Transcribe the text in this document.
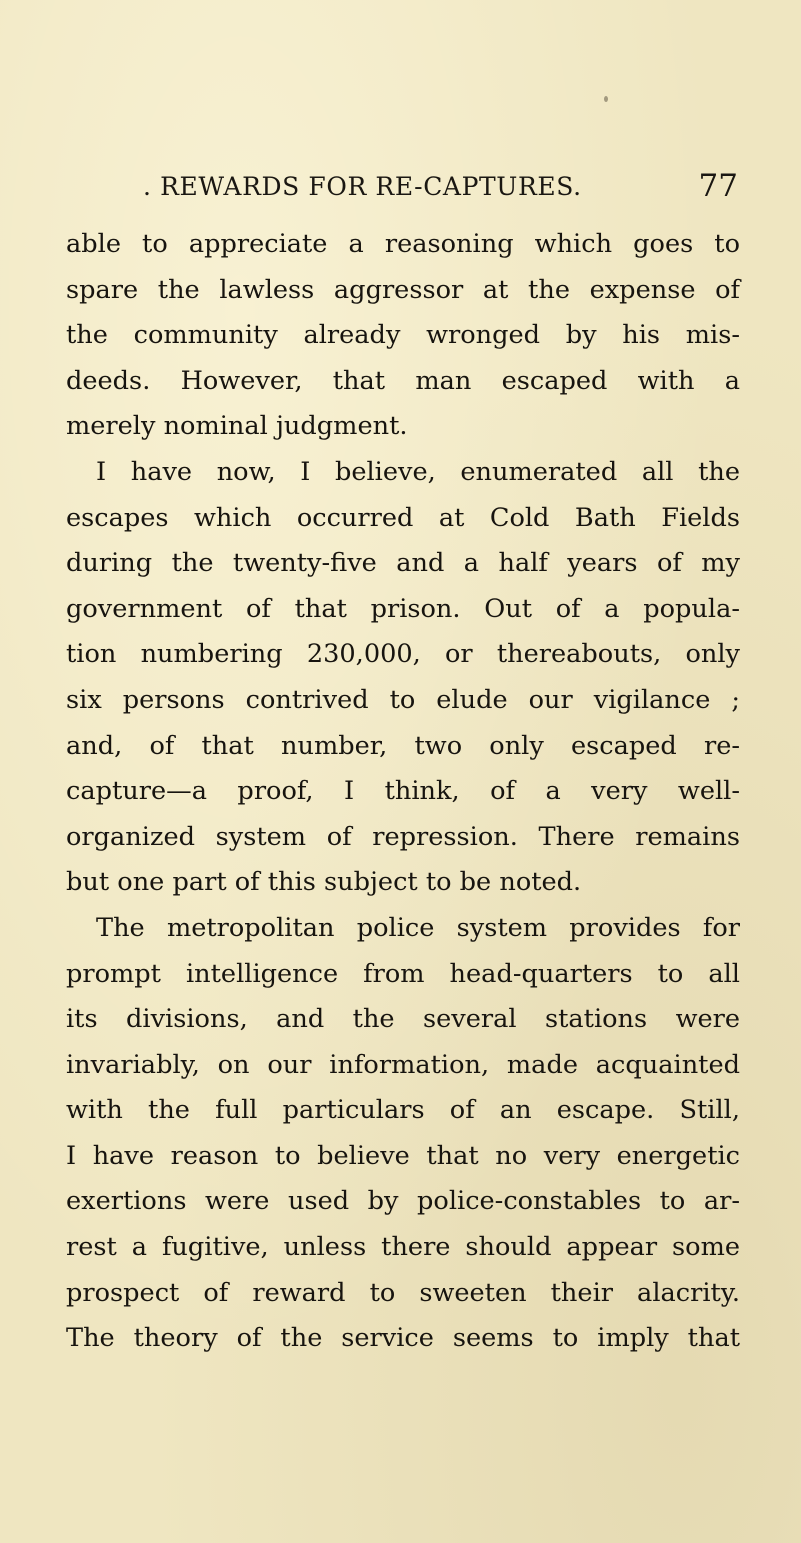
. REWARDS FOR RE-CAPTURES.	77
able to appreciate a reasoning which goes to
spare the lawless aggressor at the expense of
the community already wronged by his mis-
deeds. However, that man escaped with a
merely nominal judgment.
I have now, I believe, enumerated all the
escapes which occurred at Cold Bath Fields
during the twenty-five and a half years of my
government of that prison. Out of a popula-
tion numbering 230,000, or thereabouts, only
six persons contrived to elude our vigilance ;
and, of that number, two only escaped re-
capture—a proof, I think, of a very well-
organized system of repression. There remains
but one part of this subject to be noted.
The metropolitan police system provides for
prompt intelligence from head-quarters to all
its divisions, and the several stations were
invariably, on our information, made acquainted
with the full particulars of an escape. Still,
I have reason to believe that no very energetic
exertions were used by police-constables to ar-
rest a fugitive, unless there should appear some
prospect of reward to sweeten their alacrity.
The theory of the service seems to imply that
